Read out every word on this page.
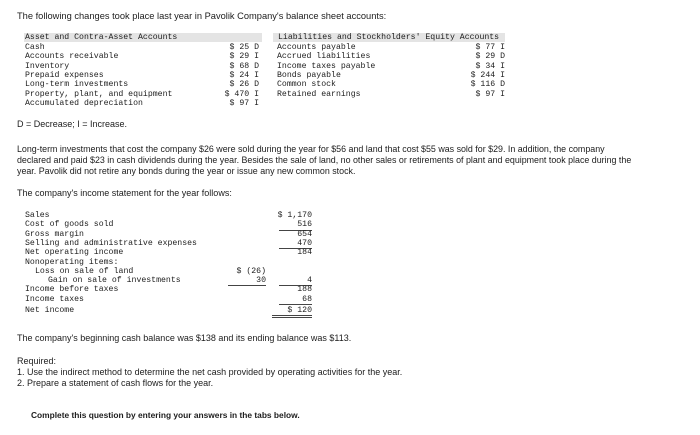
The following changes took place last year in Pavolik Company's balance sheet accounts:
Asset and Contra-Asset Accounts	Liabilities and Stockholders' Equity Accounts
Cash	$ 25 D
Accounts receivable	$ 29 I
Inventory	$ 68 D
Prepaid expenses	$ 24 I
Long-term investments	$ 26 D
Property, plant, and equipment	$ 470 I
Accumulated depreciation	$ 97 I
Accounts payable	$ 77 I
Accrued liabilities	$ 29 D
Income taxes payable	$ 34 I
Bonds payable	$ 244 I
Common stock	$ 116 D
Retained earnings	$ 97 I
D = Decrease; I = Increase.
Long-term investments that cost the company $26 were sold during the year for $56 and land that cost $55 was sold for $29. In addition, the company declared and paid $23 in cash dividends during the year. Besides the sale of land, no other sales or retirements of plant and equipment took place during the year. Pavolik did not retire any bonds during the year or issue any new common stock.
The company's income statement for the year follows:
Sales	$ 1,170
Cost of goods sold	516
Gross margin	654
Selling and administrative expenses	470
Net operating income	184
Nonoperating items:
Loss on sale of land	$ (26)
Gain on sale of investments	30	4
Income before taxes	188
Income taxes	68
Net income	$ 120
The company's beginning cash balance was $138 and its ending balance was $113.
Required:
1. Use the indirect method to determine the net cash provided by operating activities for the year.
2. Prepare a statement of cash flows for the year.
Complete this question by entering your answers in the tabs below.
